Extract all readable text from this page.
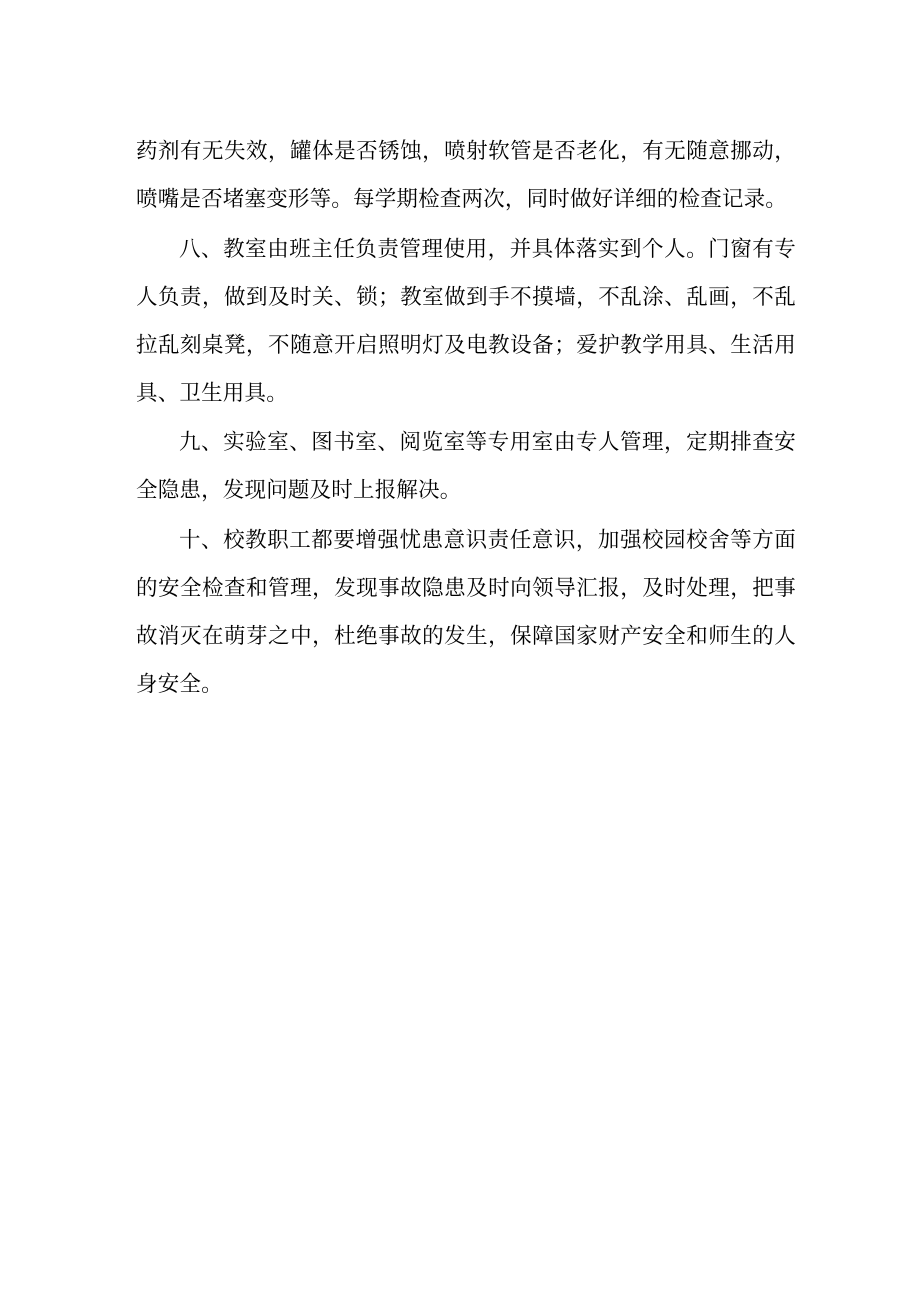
药剂有无失效，罐体是否锈蚀，喷射软管是否老化，有无随意挪动，喷嘴是否堵塞变形等。每学期检查两次，同时做好详细的检查记录。

八、教室由班主任负责管理使用，并具体落实到个人。门窗有专人负责，做到及时关、锁；教室做到手不摸墙，不乱涂、乱画，不乱拉乱刻桌凳，不随意开启照明灯及电教设备；爱护教学用具、生活用具、卫生用具。

九、实验室、图书室、阅览室等专用室由专人管理，定期排查安全隐患，发现问题及时上报解决。

十、校教职工都要增强忧患意识责任意识，加强校园校舍等方面的安全检查和管理，发现事故隐患及时向领导汇报，及时处理，把事故消灭在萌芽之中，杜绝事故的发生，保障国家财产安全和师生的人身安全。
